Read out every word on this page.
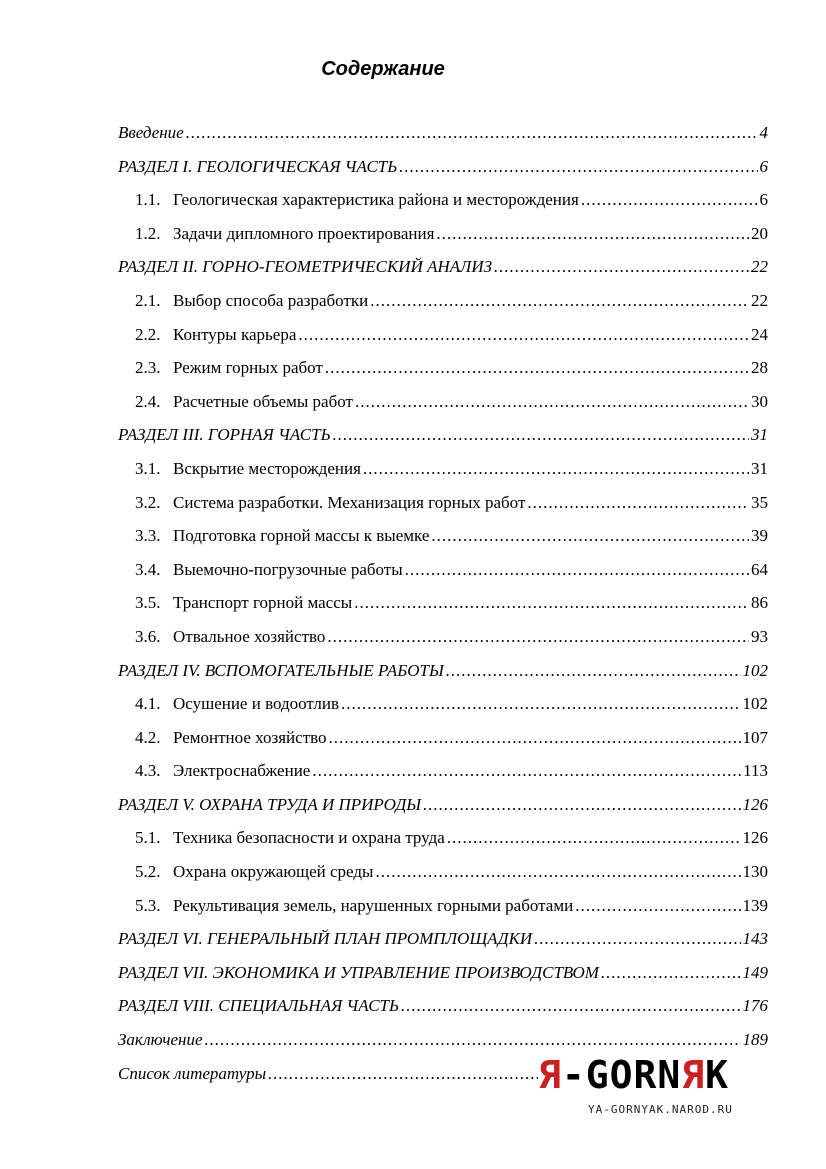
Содержание
Введение .....	4
РАЗДЕЛ I. ГЕОЛОГИЧЕСКАЯ ЧАСТЬ .....	6
1.1. Геологическая характеристика района и месторождения .....	6
1.2. Задачи дипломного проектирования .....	20
РАЗДЕЛ II. ГОРНО-ГЕОМЕТРИЧЕСКИЙ АНАЛИЗ .....	22
2.1. Выбор способа разработки .....	22
2.2. Контуры карьера .....	24
2.3. Режим горных работ .....	28
2.4. Расчетные объемы работ .....	30
РАЗДЕЛ III. ГОРНАЯ ЧАСТЬ .....	31
3.1. Вскрытие месторождения .....	31
3.2. Система разработки. Механизация горных работ .....	35
3.3. Подготовка горной массы к выемке .....	39
3.4. Выемочно-погрузочные работы .....	64
3.5. Транспорт горной массы .....	86
3.6. Отвальное хозяйство .....	93
РАЗДЕЛ IV. ВСПОМОГАТЕЛЬНЫЕ РАБОТЫ .....	102
4.1. Осушение и водоотлив .....	102
4.2. Ремонтное хозяйство .....	107
4.3. Электроснабжение .....	113
РАЗДЕЛ V. ОХРАНА ТРУДА И ПРИРОДЫ .....	126
5.1. Техника безопасности и охрана труда .....	126
5.2. Охрана окружающей среды .....	130
5.3. Рекультивация земель, нарушенных горными работами .....	139
РАЗДЕЛ VI. ГЕНЕРАЛЬНЫЙ ПЛАН ПРОМПЛОЩАДКИ .....	143
РАЗДЕЛ VII. ЭКОНОМИКА И УПРАВЛЕНИЕ ПРОИЗВОДСТВОМ .....	149
РАЗДЕЛ VIII. СПЕЦИАЛЬНАЯ ЧАСТЬ .....	176
Заключение .....	189
Список литературы .....	Я-GORNЯK
YA-GORNYAK.NAROD.RU
